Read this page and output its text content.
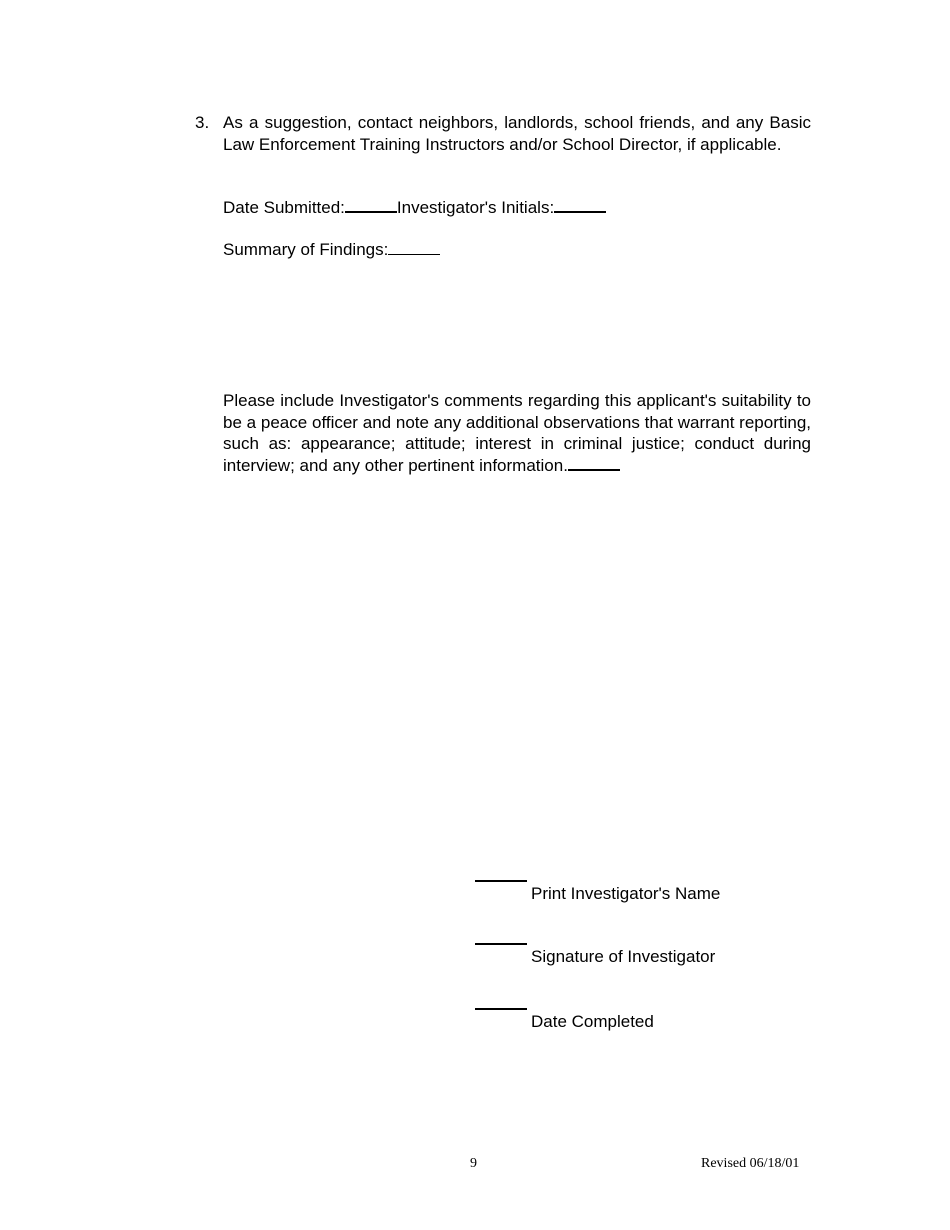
3. As a suggestion, contact neighbors, landlords, school friends, and any Basic Law Enforcement Training Instructors and/or School Director, if applicable.
Date Submitted:	Investigator's Initials:
Summary of Findings:
Please include Investigator's comments regarding this applicant's suitability to be a peace officer and note any additional observations that warrant reporting, such as: appearance; attitude; interest in criminal justice; conduct during interview; and any other pertinent information.
Print Investigator's Name
Signature of Investigator
Date Completed
9	Revised 06/18/01
